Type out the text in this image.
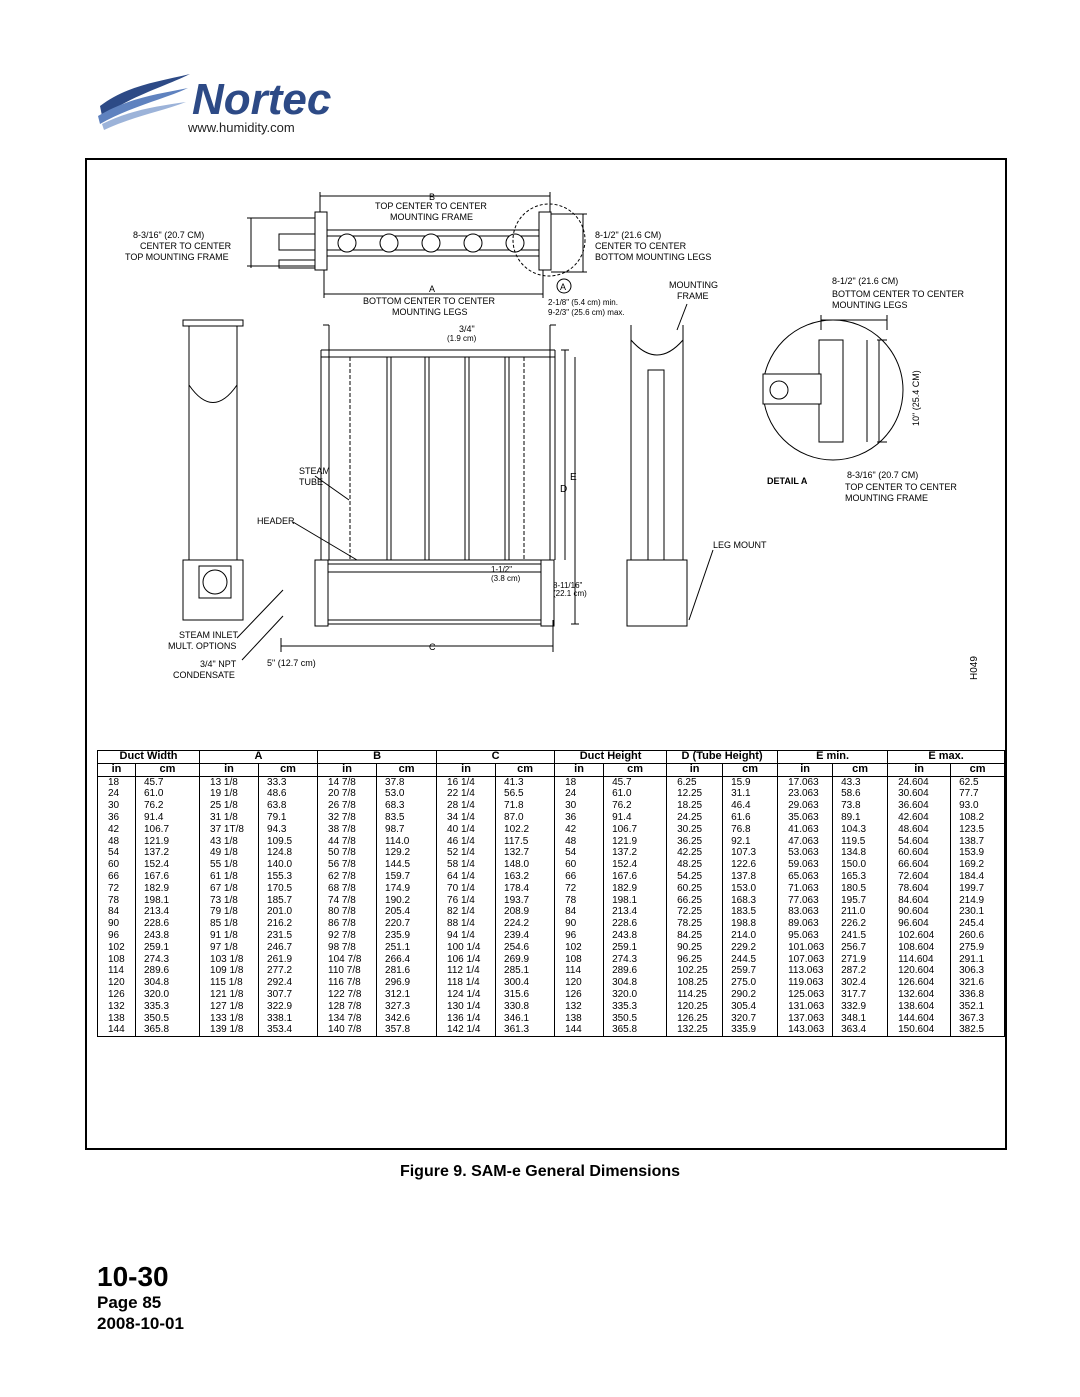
Nortec
www.humidity.com
B
TOP CENTER TO CENTER
MOUNTING FRAME
8-3/16" (20.7 CM)
CENTER TO CENTER
TOP MOUNTING FRAME
8-1/2" (21.6 CM)
CENTER TO CENTER
BOTTOM MOUNTING LEGS
A
BOTTOM CENTER TO CENTER
MOUNTING LEGS
A
2-1/8" (5.4 cm) min.
9-2/3" (25.6 cm) max.
3/4"
(1.9 cm)
E
D
1-1/2"
(3.8 cm)
8-11/16"
(22.1 cm)
C
STEAM
TUBE
HEADER
5" (12.7 cm)
STEAM INLET
MULT. OPTIONS
3/4" NPT
CONDENSATE
MOUNTING
FRAME
LEG MOUNT
8-1/2" (21.6 CM)
BOTTOM CENTER TO CENTER
MOUNTING LEGS
10" (25.4 CM)
DETAIL A
8-3/16" (20.7 CM)
TOP CENTER TO CENTER
MOUNTING FRAME
H049
Duct Width		A		B		C		Duct Height		D (Tube Height)		E min.		E max.	
in	cm	in	cm	in	cm	in	cm	in	cm	in	cm	in	cm	in	cm
18	45.7	13 1/8	33.3	14 7/8	37.8	16 1/4	41.3	18	45.7	6.25	15.9	17.063	43.3	24.604	62.5
24	61.0	19 1/8	48.6	20 7/8	53.0	22 1/4	56.5	24	61.0	12.25	31.1	23.063	58.6	30.604	77.7
30	76.2	25 1/8	63.8	26 7/8	68.3	28 1/4	71.8	30	76.2	18.25	46.4	29.063	73.8	36.604	93.0
36	91.4	31 1/8	79.1	32 7/8	83.5	34 1/4	87.0	36	91.4	24.25	61.6	35.063	89.1	42.604	108.2
42	106.7	37 1T/8	94.3	38 7/8	98.7	40 1/4	102.2	42	106.7	30.25	76.8	41.063	104.3	48.604	123.5
48	121.9	43 1/8	109.5	44 7/8	114.0	46 1/4	117.5	48	121.9	36.25	92.1	47.063	119.5	54.604	138.7
54	137.2	49 1/8	124.8	50 7/8	129.2	52 1/4	132.7	54	137.2	42.25	107.3	53.063	134.8	60.604	153.9
60	152.4	55 1/8	140.0	56 7/8	144.5	58 1/4	148.0	60	152.4	48.25	122.6	59.063	150.0	66.604	169.2
66	167.6	61 1/8	155.3	62 7/8	159.7	64 1/4	163.2	66	167.6	54.25	137.8	65.063	165.3	72.604	184.4
72	182.9	67 1/8	170.5	68 7/8	174.9	70 1/4	178.4	72	182.9	60.25	153.0	71.063	180.5	78.604	199.7
78	198.1	73 1/8	185.7	74 7/8	190.2	76 1/4	193.7	78	198.1	66.25	168.3	77.063	195.7	84.604	214.9
84	213.4	79 1/8	201.0	80 7/8	205.4	82 1/4	208.9	84	213.4	72.25	183.5	83.063	211.0	90.604	230.1
90	228.6	85 1/8	216.2	86 7/8	220.7	88 1/4	224.2	90	228.6	78.25	198.8	89.063	226.2	96.604	245.4
96	243.8	91 1/8	231.5	92 7/8	235.9	94 1/4	239.4	96	243.8	84.25	214.0	95.063	241.5	102.604	260.6
102	259.1	97 1/8	246.7	98 7/8	251.1	100 1/4	254.6	102	259.1	90.25	229.2	101.063	256.7	108.604	275.9
108	274.3	103 1/8	261.9	104 7/8	266.4	106 1/4	269.9	108	274.3	96.25	244.5	107.063	271.9	114.604	291.1
114	289.6	109 1/8	277.2	110 7/8	281.6	112 1/4	285.1	114	289.6	102.25	259.7	113.063	287.2	120.604	306.3
120	304.8	115 1/8	292.4	116 7/8	296.9	118 1/4	300.4	120	304.8	108.25	275.0	119.063	302.4	126.604	321.6
126	320.0	121 1/8	307.7	122 7/8	312.1	124 1/4	315.6	126	320.0	114.25	290.2	125.063	317.7	132.604	336.8
132	335.3	127 1/8	322.9	128 7/8	327.3	130 1/4	330.8	132	335.3	120.25	305.4	131.063	332.9	138.604	352.1
138	350.5	133 1/8	338.1	134 7/8	342.6	136 1/4	346.1	138	350.5	126.25	320.7	137.063	348.1	144.604	367.3
144	365.8	139 1/8	353.4	140 7/8	357.8	142 1/4	361.3	144	365.8	132.25	335.9	143.063	363.4	150.604	382.5
Figure 9. SAM-e General Dimensions
10-30
Page 85
2008-10-01
